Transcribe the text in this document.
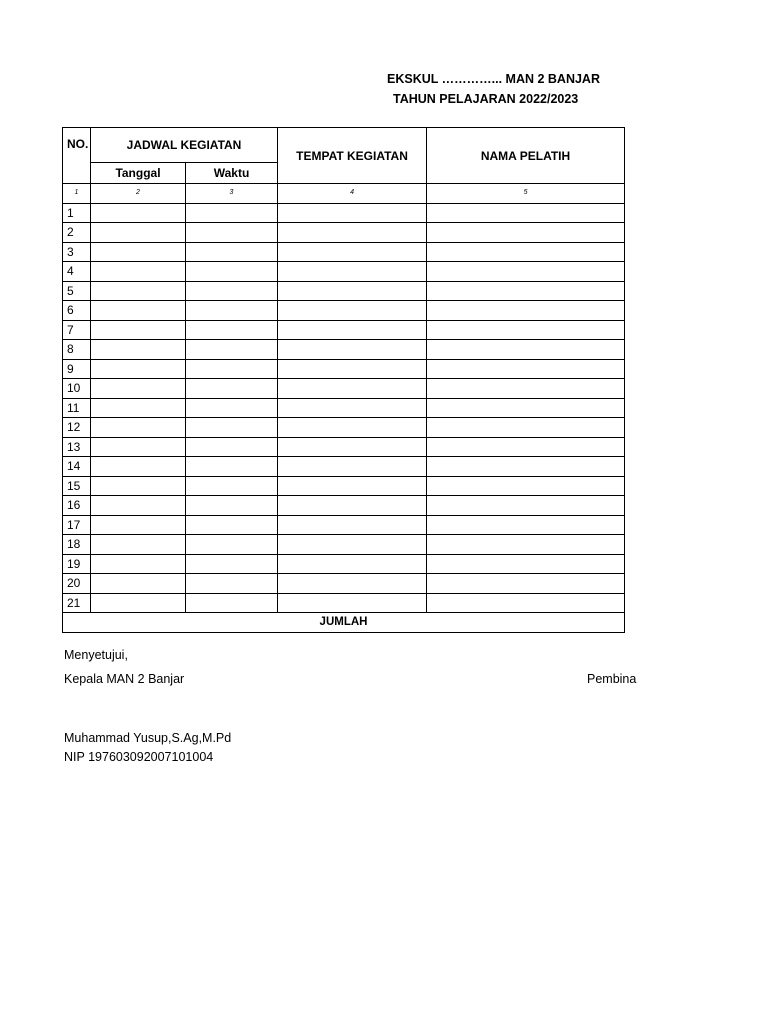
EKSKUL …………... MAN 2 BANJAR
TAHUN PELAJARAN 2022/2023
NO.	JADWAL KEGIATAN		TEMPAT KEGIATAN	NAMA PELATIH
	Tanggal	Waktu		
1	2	3	4	5
1				
2				
3				
4				
5				
6				
7				
8				
9				
10				
11				
12				
13				
14				
15				
16				
17				
18				
19				
20				
21				
JUMLAH				
Menyetujui,
Kepala MAN 2 Banjar	Pembina
Muhammad Yusup,S.Ag,M.Pd
NIP 197603092007101004
